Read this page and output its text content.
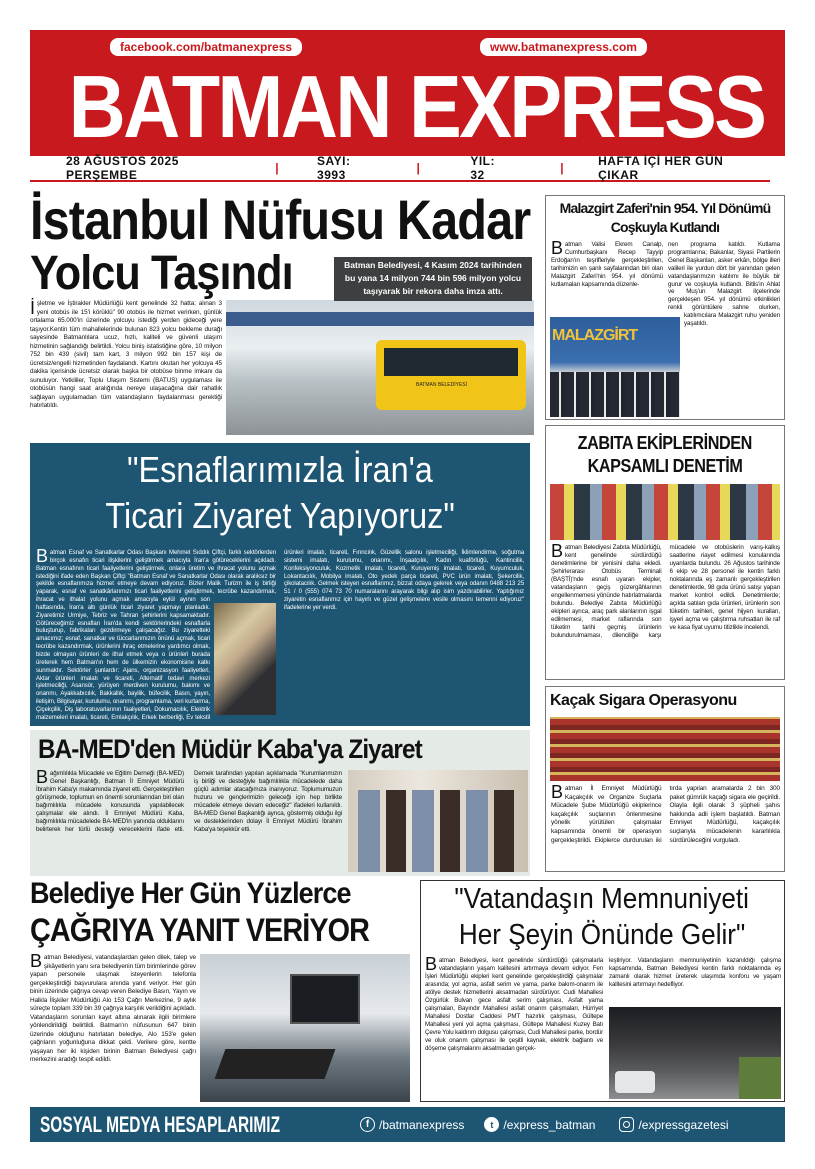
BATMAN EXPRESS
facebook.com/batmanexpress	www.batmanexpress.com
28 AĞUSTOS 2025 PERŞEMBE	|	SAYI: 3993	|	YIL: 32	|	HAFTA İÇİ HER GÜN ÇIKAR
İstanbul Nüfusu Kadar
Yolcu Taşındı
BATMAN BELEDİYESİ
Batman Belediyesi, 4 Kasım 2024 tarihinden bu yana 14 milyon 744 bin 596 milyon yolcu taşıyarak bir rekora daha imza attı.
İşletme ve İştirakler Müdürlüğü kent genelinde 32 hatta; alınan 3 yeni otobüs ile 15'i körüklü" 90 otobüs ile hizmet verirken, günlük ortalama 65.000'in üzerinde yolcuyu istediği yerden gideceği yere taşıyor.Kentin tüm mahallelerinde bulunan 823 yolcu bekleme durağı sayesinde Batmanlılara ucuz, hızlı, kaliteli ve güvenli ulaşım hizmetinin sağlandığı belirtildi. Yolcu biniş istatistiğine göre, 10 milyon 752 bin 439 (sivil) tam kart, 3 milyon 992 bin 157 kişi de ücretsiz/engelli hizmetinden faydalandı. Kartını okutan her yolcuya 45 dakika içerisinde ücretsiz olarak başka bir otobüse binme imkanı da sunuluyor. Yetkililer, Toplu Ulaşım Sistemi (BATUS) uygulaması ile otobüsün hangi saat aralığında nereye ulaşacağına dair rahatlık sağlayan uygulamadan tüm vatandaşların faydalanması gerektiği hatırlatıldı.
Malazgirt Zaferi'nin 954. Yıl Dönümü Coşkuyla Kutlandı
Batman Valisi Ekrem Canalp, Cumhurbaşkanı Recep Tayyip Erdoğan'ın teşrifleriyle gerçekleştirilen, tarihimizin en şanlı sayfalarından biri olan Malazgirt Zaferi'nin 954. yıl dönümü kutlamaları kapsamında düzenle-
nen programa katıldı. Kutlama programlarına; Bakanlar, Siyasi Partilerin Genel Başkanları, asker erkân, bölge illeri valileri ile yurdun dört bir yanından gelen vatandaşlarımızın katılımı ile büyük bir gurur ve coşkuyla kutlandı. Bitlis'in Ahlat ve Muş'un Malazgirt ilçelerinde gerçekleşen 954. yıl dönümü etkinlikleri renkli görüntülere sahne olurken, katılımcılara Malazgirt ruhu yeniden yaşatıldı.
MALAZGİRT
"Esnaflarımızla İran'a
Ticari Ziyaret Yapıyoruz"
Batman Esnaf ve Sanatkarlar Odası Başkanı Mehmet Sıddık Çiftçi, farklı sektörlerden birçok esnafın ticari ilişkilerini geliştirmek amacıyla İran'a götüreceklerini açıkladı. Batman esnafının ticari faaliyetlerini geliştirmek, onlara üretim ve ihracat yolunu açmak istediğini ifade eden Başkan Çiftçi "Batman Esnaf ve Sanatkarlar Odası olarak aralıksız bir şekilde esnaflarımıza hizmet etmeye devam ediyoruz. Bizler Malik Turizm ile iş birliği yaparak, esnaf ve sanatkârlarımızı ticari faaliyetlerini geliştirmek, tecrübe kazandırmak, ihracat ve ithalat yolunu açmak amacıyla eylül ayının son haftasında, İran'a altı günlük ticari ziyaret yapmayı planladık. Ziyaretimiz Urmiye, Tebriz ve Tahran şehirlerini kapsamaktadır. Götüreceğimiz esnafları İran'da kendi sektörlerindeki esnaflarla buluşturup, fabrikaları gezdirmeye çalışacağız. Bu ziyaretteki amacımız; esnaf, sanatkar ve tüccarlarımızın önünü açmak, ticari tecrübe kazandırmak, ürünlerini ihraç etmelerine yardımcı olmak, bizde olmayan ürünleri de ithal etmek veya o ürünleri burada üreterek hem Batman'ın hem de ülkemizin ekonomisine katkı sunmaktır. Sektörler şunlardır: Ajans, organizasyon faaliyetleri, Aktar ürünleri imalatı ve ticareti, Alternatif tedavi merkezi işletmeciliği, Asansör, yürüyen merdiven kurulumu, bakımı ve onarımı, Ayakkabıcılık, Bakkallık, bayilik, büfecilik, Basın, yayın, iletişim, Bilgisayar, kurulumu, onarımı, programlama, veri kurtarma, Çiçekçilik, Diş laboratuvarlarının faaliyetleri, Dokumacılık, Elektrik malzemeleri imalatı, ticareti, Emlakçılık, Erkek berberliği, Ev tekstil ürünleri imalatı, ticareti, Fırıncılık, Güzellik salonu işletmeciliği, İklimlendirme, soğutma sistemi imalatı, kurulumu, onarımı, İnşaatçılık, Kadın kuaförlüğü, Kantincilik, Konfeksiyonculuk, Kozmetik imalatı, ticareti, Kuruyemiş imalatı, ticareti, Kuyumculuk, Lokantacılık, Mobilya imalatı, Oto yedek parça ticareti, PVC ürün imalatı, Şekercilik, çikolatacılık. Gelmek isteyen esnaflarımız, bizzat odaya gelerek veya odanın 0488 213 25 51 / 0 (555) 074 73 70 numaralarını arayarak bilgi alıp isim yazdırabilirler. Yaptığımız ziyaretin esnaflarımız için hayırlı ve güzel gelişmelere vesile olmasını temenni ediyoruz" ifadelerine yer verdi.
ZABITA EKİPLERİNDEN
KAPSAMLI DENETİM
Batman Belediyesi Zabıta Müdürlüğü, kent genelinde sürdürdüğü denetimlerine bir yenisini daha ekledi. Şehirlerarası Otobüs Terminali (BAŞTİ)'nde esnafı uyaran ekipler, vatandaşların geçiş güzergâhlarının engellenmemesi yönünde hatırlatmalarda bulundu. Belediye Zabıta Müdürlüğü ekipleri ayrıca, araç park alanlarının işgal edilmemesi, market raflarında son tüketim tarihi geçmiş ürünlerin bulundurulmaması, dilenciliğe karşı mücadele ve otobüslerin varış-kalkış saatlerine riayet edilmesi konularında uyarılarda bulundu. 26 Ağustos tarihinde 6 ekip ve 28 personel ile kentin farklı noktalarında eş zamanlı gerçekleştirilen denetimlerde, 98 gıda ürünü satışı yapan market kontrol edildi. Denetimlerde; açıkta satılan gıda ürünleri, ürünlerin son tüketim tarihleri, genel hijyen kuralları, işyeri açma ve çalıştırma ruhsatları ile raf ve kasa fiyat uyumu titizlikle incelendi.
BA-MED'den Müdür Kaba'ya Ziyaret
Bağımlılıkla Mücadele ve Eğitim Derneği (BA-MED) Genel Başkanlığı, Batman İl Emniyet Müdürü İbrahim Kaba'yı makamında ziyaret etti. Gerçekleştirilen görüşmede, toplumun en önemli sorunlarından biri olan bağımlılıkla mücadele konusunda yapılabilecek çalışmalar ele alındı. İl Emniyet Müdürü Kaba, bağımlılıkla mücadelede BA-MED'in yanında olduklarını belirterek her türlü desteği vereceklerini ifade etti. Dernek tarafından yapılan açıklamada "Kurumlarımızın iş birliği ve desteğiyle bağımlılıkla mücadelede daha güçlü adımlar atacağımıza inanıyoruz. Toplumumuzun huzuru ve gençlerimizin geleceği için hep birlikte mücadele etmeye devam edeceğiz" ifadeleri kullanıldı. BA-MED Genel Başkanlığı ayrıca, göstermiş olduğu ilgi ve desteklerinden dolayı İl Emniyet Müdürü İbrahim Kaba'ya teşekkür etti.
Kaçak Sigara Operasyonu
Batman İl Emniyet Müdürlüğü Kaçakçılık ve Organize Suçlarla Mücadele Şube Müdürlüğü ekiplerince kaçakçılık suçlarının önlenmesine yönelik yürütülen çalışmalar kapsamında önemli bir operasyon gerçekleştirildi. Ekiplerce durdurulan iki tırda yapılan aramalarda 2 bin 300 paket gümrük kaçağı sigara ele geçirildi. Olayla ilgili olarak 3 şüpheli şahıs hakkında adli işlem başlatıldı. Batman Emniyet Müdürlüğü, kaçakçılık suçlarıyla mücadelenin kararlılıkla sürdürüleceğini vurguladı.
Belediye Her Gün Yüzlerce
ÇAĞRIYA YANIT VERİYOR
Batman Belediyesi, vatandaşlardan gelen dilek, talep ve şikâyetlerin yanı sıra belediyenin tüm birimlerinde görev yapan personele ulaşmak isteyenlerin telefonla gerçekleştirdiği başvurulara anında yanıt veriyor. Her gün binin üzerinde çağrıya cevap veren Belediye Basın, Yayın ve Halkla İlişkiler Müdürlüğü Alo 153 Çağrı Merkezine, 9 aylık süreçte toplam 339 bin 39 çağrıya karşılık verildiğini açıkladı. Vatandaşların sorunları kayıt altına alınarak ilgili birimlere yönlendirildiği belirtildi. Batman'ın nüfusunun 647 binin üzerinde olduğunu hatırlatan belediye, Alo 153'e gelen çağrıların yoğunluğuna dikkat çekti. Verilere göre, kentte yaşayan her iki kişiden birinin Batman Belediyesi çağrı merkezini aradığı tespit edildi.
"Vatandaşın Memnuniyeti
Her Şeyin Önünde Gelir"
Batman Belediyesi, kent genelinde sürdürdüğü çalışmalarla vatandaşların yaşam kalitesini artırmaya devam ediyor. Fen İşleri Müdürlüğü ekipleri kent genelinde gerçekleştirdiği çalışmalar arasında; yol açma, asfalt serim ve yama, parke bakım-onarım ile atölye destek hizmetlerini aksatmadan sürdürüyor. Cudi Mahallesi Özgürlük Bulvarı gece asfalt serim çalışması, Asfalt yama çalışmaları, Bayındır Mahallesi asfalt onarım çalışmaları, Hürriyet Mahallesi Dostlar Caddesi PMT hazırlık çalışması, Gültepe Mahallesi yeni yol açma çalışması, Gültepe Mahallesi Kuzey Batı Çevre Yolu kaldırım dolgusu çalışması, Cudi Mahallesi parke, bordür ve oluk onarım çalışması ile çeşitli kaynak, elektrik bağlantı ve döşeme çalışmalarını aksatmadan gerçek-
leştiriyor. Vatandaşların memnuniyetinin kazanıldığı çalışma kapsamında, Batman Belediyesi kentin farklı noktalarında eş zamanlı olarak hizmet üreterek ulaşımda konforu ve yaşam kalitesini artırmayı hedefliyor.
SOSYAL MEDYA HESAPLARIMIZ	f /batmanexpress	t /express_batman	/expressgazetesi
